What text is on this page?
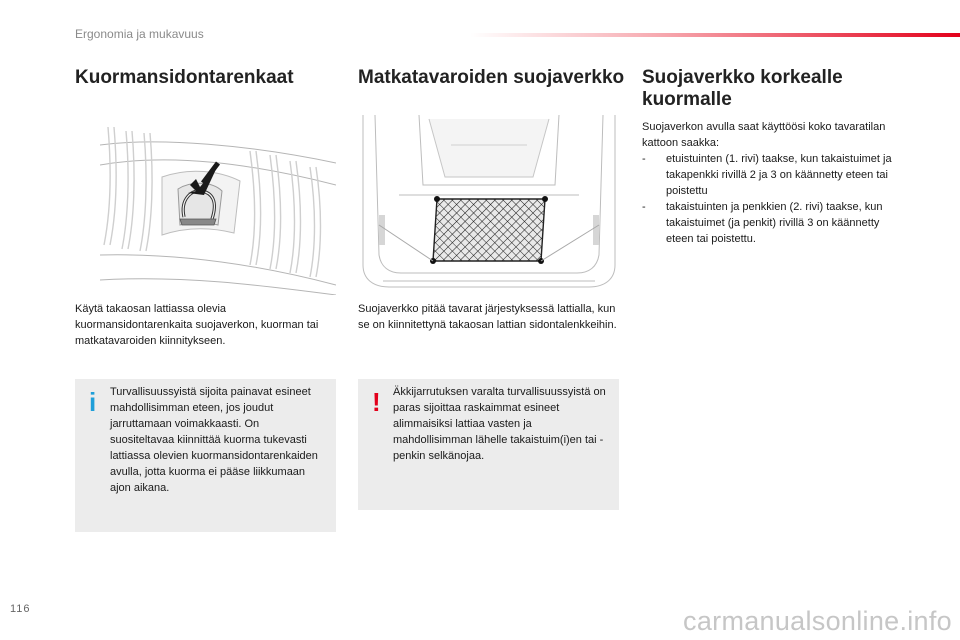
Ergonomia ja mukavuus
Kuormansidontarenkaat
Käytä takaosan lattiassa olevia kuormansidontarenkaita suojaverkon, kuorman tai matkatavaroiden kiinnitykseen.
i Turvallisuussyistä sijoita painavat esineet mahdollisimman eteen, jos joudut jarruttamaan voimakkaasti. On suositeltavaa kiinnittää kuorma tukevasti lattiassa olevien kuormansidontarenkaiden avulla, jotta kuorma ei pääse liikkumaan ajon aikana.
Matkatavaroiden suojaverkko
Suojaverkko pitää tavarat järjestyksessä lattialla, kun se on kiinnitettynä takaosan lattian sidontalenkkeihin.
! Äkkijarrutuksen varalta turvallisuussyistä on paras sijoittaa raskaimmat esineet alimmaisiksi lattiaa vasten ja mahdollisimman lähelle takaistuim(i)en tai -penkin selkänojaa.
Suojaverkko korkealle kuormalle
Suojaverkon avulla saat käyttöösi koko tavaratilan kattoon saakka:
- etuistuinten (1. rivi) taakse, kun takaistuimet ja takapenkki rivillä 2 ja 3 on käännetty eteen tai poistettu
- takaistuinten ja penkkien (2. rivi) taakse, kun takaistuimet (ja penkit) rivillä 3 on käännetty eteen tai poistettu.
116	carmanualsonline.info
